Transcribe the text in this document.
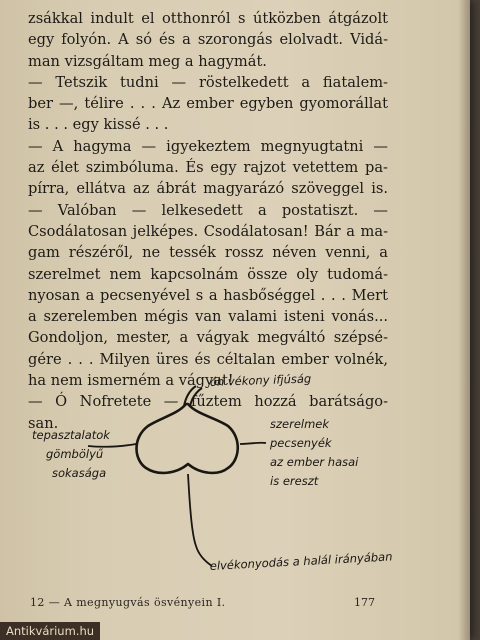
zsákkal indult el otthonról s útközben átgázolt
egy folyón. A só és a szorongás elolvadt. Vidá-
man vizsgáltam meg a hagymát.
— Tetszik tudni — röstelkedett a fiatalem-
ber —, télire . . . Az ember egyben gyomorállat
is . . . egy kissé . . .
— A hagyma — igyekeztem megnyugtatni —
az élet szimbóluma. És egy rajzot vetettem pa-
pírra, ellátva az ábrát magyarázó szöveggel is.
— Valóban — lelkesedett a postatiszt. —
Csodálatosan jelképes. Csodálatosan! Bár a ma-
gam részéről, ne tessék rossz néven venni, a
szerelmet nem kapcsolnám össze oly tudomá-
nyosan a pecsenyével s a hasbőséggel . . . Mert
a szerelemben mégis van valami isteni vonás...
Gondoljon, mester, a vágyak megváltó szépsé-
gére . . . Milyen üres és céltalan ember volnék,
ha nem ismerném a vágyat!
— Ó Nofretete — fűztem hozzá barátságo-
san.
óh vékony ifjúság
tepasztalatok
gömbölyű
sokasága
szerelmek
pecsenyék
az ember hasai
is ereszt
elvékonyodás a halál irányában
12 — A megnyugvás ösvényein I.	177
Antikvárium.hu
